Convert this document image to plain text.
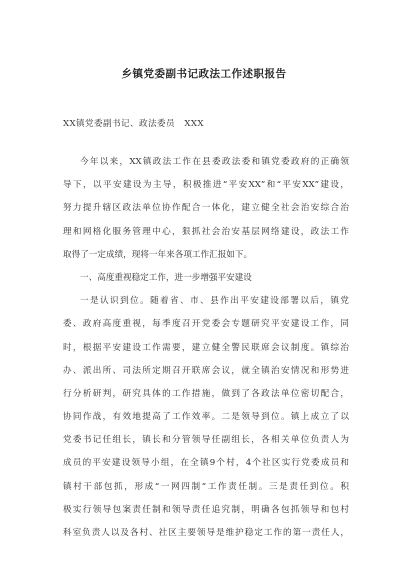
乡镇党委副书记政法工作述职报告
XX镇党委副书记、政法委员   XXX
今年以来，XX镇政法工作在县委政法委和镇党委政府的正确领
导下，以平安建设为主导，积极推进“平安XX”和“平安XX”建设，
努力提升辖区政法单位协作配合一体化，建立健全社会治安综合治
理和网格化服务管理中心，狠抓社会治安基层网络建设，政法工作
取得了一定成绩，现将一年来各项工作汇报如下。
一、高度重视稳定工作，进一步增强平安建设
一是认识到位。随着省、市、县作出平安建设部署以后，镇党
委、政府高度重视，每季度召开党委会专题研究平安建设工作，同
时，根据平安建设工作需要，建立健全警民联席会议制度。镇综治
办、派出所、司法所定期召开联席会议，就全镇治安情况和形势进
行分析研判，研究具体的工作措施，做到了各政法单位密切配合，
协同作战，有效地提高了工作效率。二是领导到位。镇上成立了以
党委书记任组长，镇长和分管领导任副组长，各相关单位负责人为
成员的平安建设领导小组，在全镇9个村，4个社区实行党委成员和
镇村干部包抓，形成“一网四制”工作责任制。三是责任到位。积
极实行领导包案责任制和领导责任追究制，明确各包抓领导和包村
科室负责人以及各村、社区主要领导是维护稳定工作的第一责任人，
